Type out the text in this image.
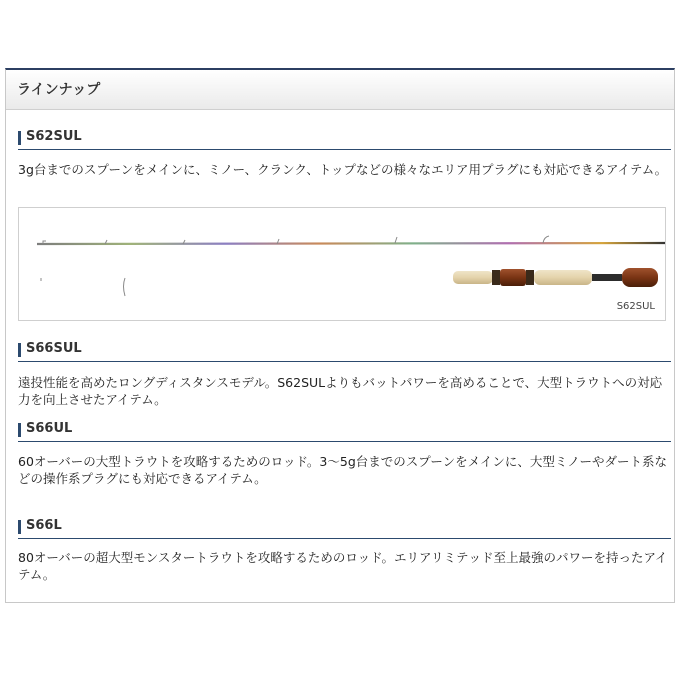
ラインナップ
S62SUL
3g台までのスプーンをメインに、ミノー、クランク、トップなどの様々なエリア用プラグにも対応できるアイテム。
S62SUL
S66SUL
遠投性能を高めたロングディスタンスモデル。S62SULよりもバットパワーを高めることで、大型トラウトへの対応力を向上させたアイテム。
S66UL
60オーバーの大型トラウトを攻略するためのロッド。3～5g台までのスプーンをメインに、大型ミノーやダート系などの操作系プラグにも対応できるアイテム。
S66L
80オーバーの超大型モンスタートラウトを攻略するためのロッド。エリアリミテッド至上最強のパワーを持ったアイテム。
